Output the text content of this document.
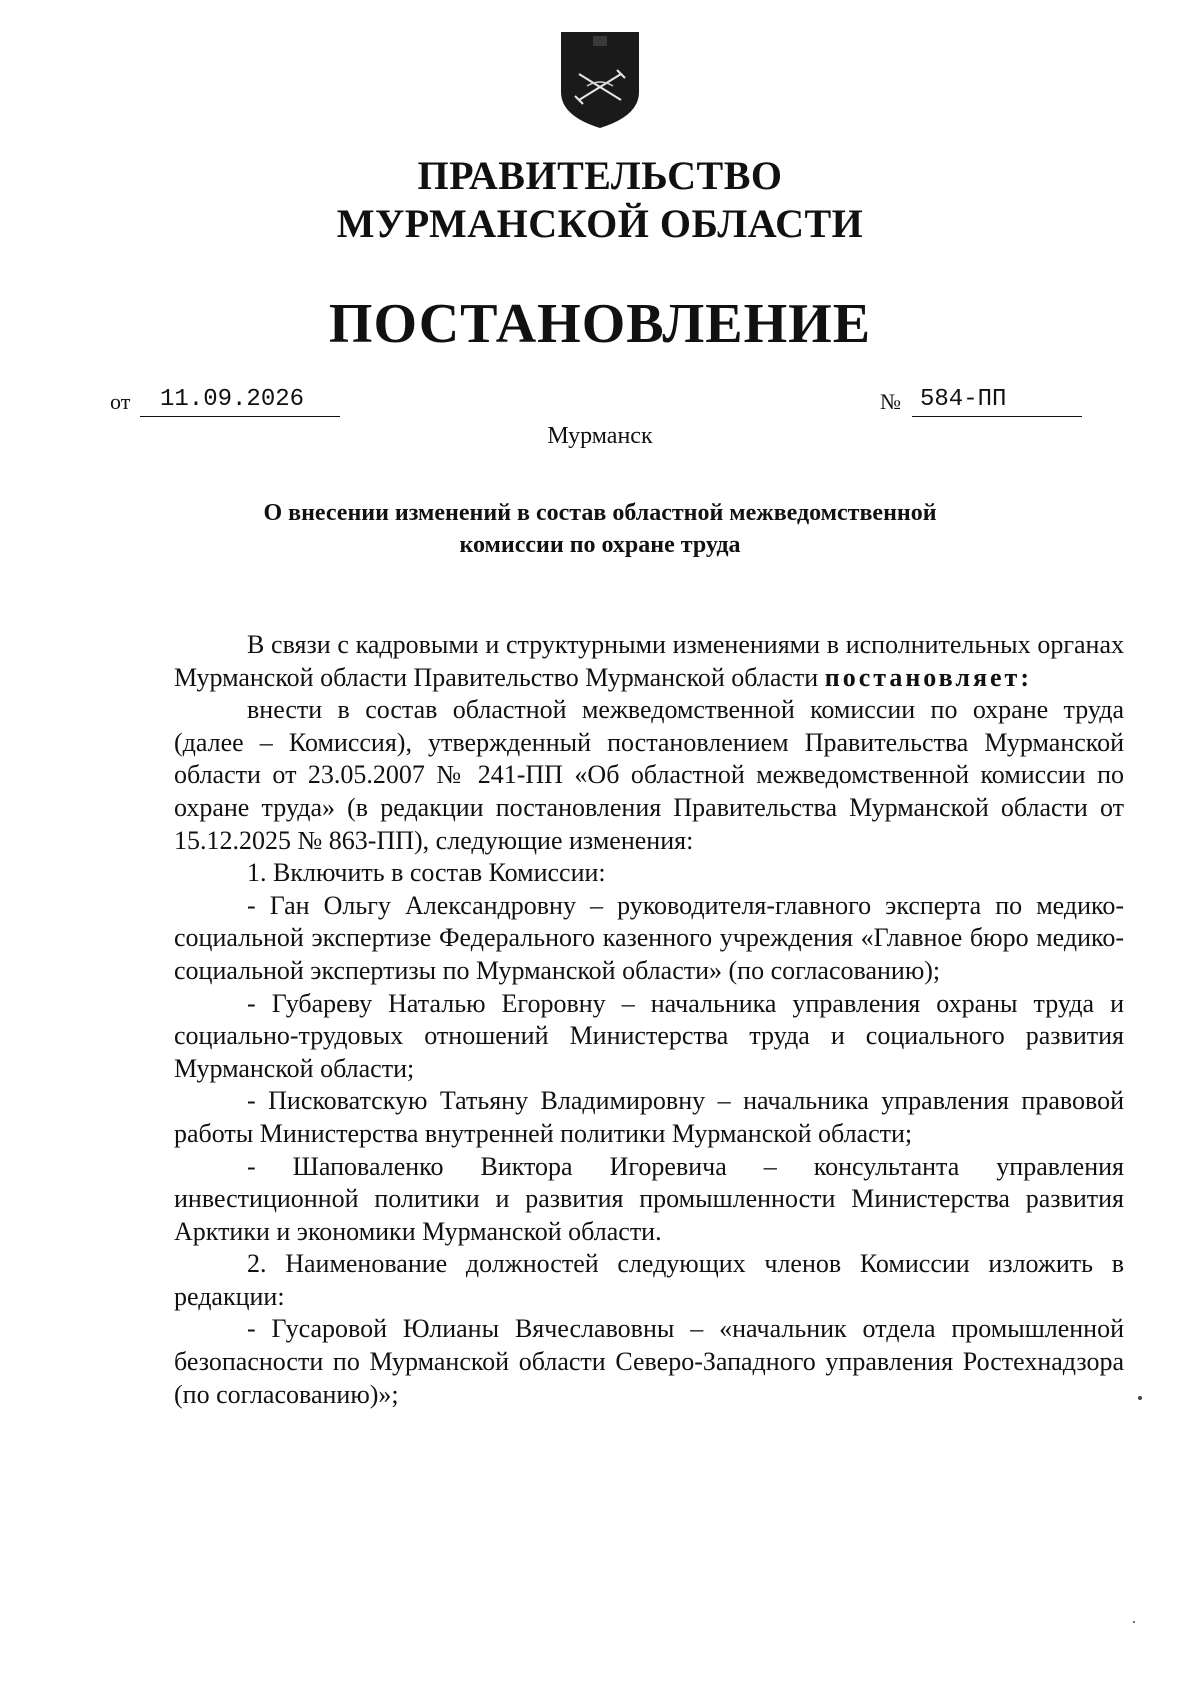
ПРАВИТЕЛЬСТВО
МУРМАНСКОЙ ОБЛАСТИ
ПОСТАНОВЛЕНИЕ
от	11.09.2026	№ 584-ПП
Мурманск
О внесении изменений в состав областной межведомственной
комиссии по охране труда

В связи с кадровыми и структурными изменениями в исполнительных органах Мурманской области Правительство Мурманской области постановляет:

внести в состав областной межведомственной комиссии по охране труда (далее – Комиссия), утвержденный постановлением Правительства Мурманской области от 23.05.2007 № 241-ПП «Об областной межведомственной комиссии по охране труда» (в редакции постановления Правительства Мурманской области от 15.12.2025 № 863-ПП), следующие изменения:

1. Включить в состав Комиссии:

- Ган Ольгу Александровну – руководителя-главного эксперта по медико-социальной экспертизе Федерального казенного учреждения «Главное бюро медико-социальной экспертизы по Мурманской области» (по согласованию);

- Губареву Наталью Егоровну – начальника управления охраны труда и социально-трудовых отношений Министерства труда и социального развития Мурманской области;

- Писковатскую Татьяну Владимировну – начальника управления правовой работы Министерства внутренней политики Мурманской области;

- Шаповаленко Виктора Игоревича – консультанта управления инвестиционной политики и развития промышленности Министерства развития Арктики и экономики Мурманской области.

2. Наименование должностей следующих членов Комиссии изложить в редакции:

- Гусаровой Юлианы Вячеславовны – «начальник отдела промышленной безопасности по Мурманской области Северо-Западного управления Ростехнадзора (по согласованию)»;
